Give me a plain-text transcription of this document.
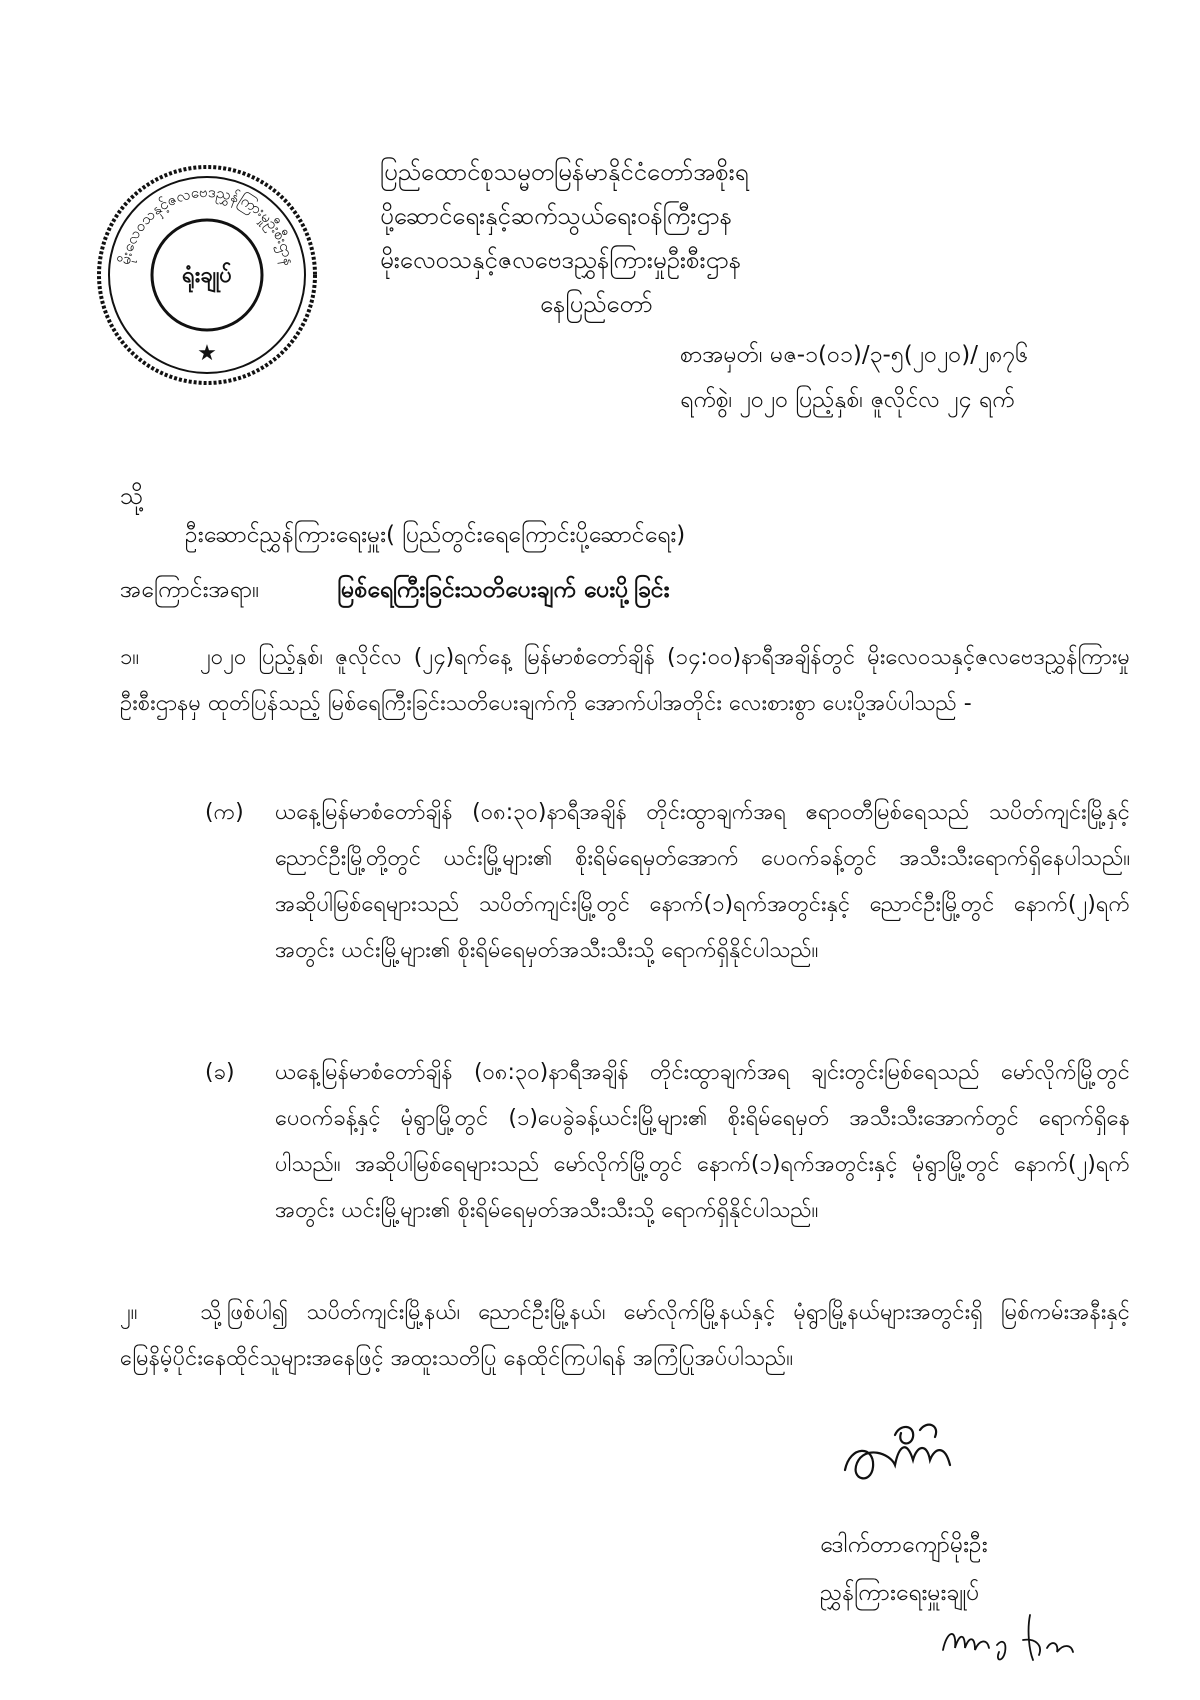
မိုးလေဝသနှင့်ဇလဗေဒညွှန်ကြားမှုဦးစီးဌာန
ရုံးချုပ်
★
ပြည်ထောင်စုသမ္မတမြန်မာနိုင်ငံတော်အစိုးရ
ပို့ဆောင်ရေးနှင့်ဆက်သွယ်ရေးဝန်ကြီးဌာန
မိုးလေဝသနှင့်ဇလဗေဒညွှန်ကြားမှုဦးစီးဌာန
နေပြည်တော်
စာအမှတ်၊ မဇ-၁(၀၁)/၃-၅(၂၀၂၀)/၂၈၇၆
ရက်စွဲ၊ ၂၀၂၀ ပြည့်နှစ်၊ ဇူလိုင်လ ၂၄ ရက်
သို့
ဦးဆောင်ညွှန်ကြားရေးမှူး( ပြည်တွင်းရေကြောင်းပို့ဆောင်ရေး)
အကြောင်းအရာ။	မြစ်ရေကြီးခြင်းသတိပေးချက် ပေးပို့ခြင်း
၁။	၂၀၂၀ ပြည့်နှစ်၊ ဇူလိုင်လ (၂၄)ရက်နေ့ မြန်မာစံတော်ချိန် (၁၄:၀၀)နာရီအချိန်တွင် မိုးလေဝသနှင့်ဇလဗေဒညွှန်ကြားမှုဦးစီးဌာနမှ ထုတ်ပြန်သည့် မြစ်ရေကြီးခြင်းသတိပေးချက်ကို အောက်ပါအတိုင်း လေးစားစွာ ပေးပို့အပ်ပါသည် -
(က) ယနေ့မြန်မာစံတော်ချိန် (၀၈:၃၀)နာရီအချိန် တိုင်းထွာချက်အရ ဧရာဝတီမြစ်ရေသည် သပိတ်ကျင်းမြို့နှင့် ညောင်ဦးမြို့တို့တွင် ယင်းမြို့များ၏ စိုးရိမ်ရေမှတ်အောက် ပေ၀က်ခန့်တွင် အသီးသီးရောက်ရှိနေပါသည်။ အဆိုပါမြစ်ရေများသည် သပိတ်ကျင်းမြို့တွင် နောက်(၁)ရက်အတွင်းနှင့် ညောင်ဦးမြို့တွင် နောက်(၂)ရက်အတွင်း ယင်းမြို့များ၏ စိုးရိမ်ရေမှတ်အသီးသီးသို့ ရောက်ရှိနိုင်ပါသည်။
(ခ) ယနေ့မြန်မာစံတော်ချိန် (၀၈:၃၀)နာရီအချိန် တိုင်းထွာချက်အရ ချင်းတွင်းမြစ်ရေသည် မော်လိုက်မြို့တွင် ပေ၀က်ခန့်နှင့် မုံရွာမြို့တွင် (၁)ပေခွဲခန့်ယင်းမြို့များ၏ စိုးရိမ်ရေမှတ် အသီးသီးအောက်တွင် ရောက်ရှိနေပါသည်။ အဆိုပါမြစ်ရေများသည် မော်လိုက်မြို့တွင် နောက်(၁)ရက်အတွင်းနှင့် မုံရွာမြို့တွင် နောက်(၂)ရက်အတွင်း ယင်းမြို့များ၏ စိုးရိမ်ရေမှတ်အသီးသီးသို့ ရောက်ရှိနိုင်ပါသည်။
၂။	သို့ဖြစ်ပါ၍ သပိတ်ကျင်းမြို့နယ်၊ ညောင်ဦးမြို့နယ်၊ မော်လိုက်မြို့နယ်နှင့် မုံရွာမြို့နယ်များအတွင်းရှိ မြစ်ကမ်းအနီးနှင့် မြေနိမ့်ပိုင်းနေထိုင်သူများအနေဖြင့် အထူးသတိပြု နေထိုင်ကြပါရန် အကြံပြုအပ်ပါသည်။
ဒေါက်တာကျော်မိုးဦး
ညွှန်ကြားရေးမှူးချုပ်
